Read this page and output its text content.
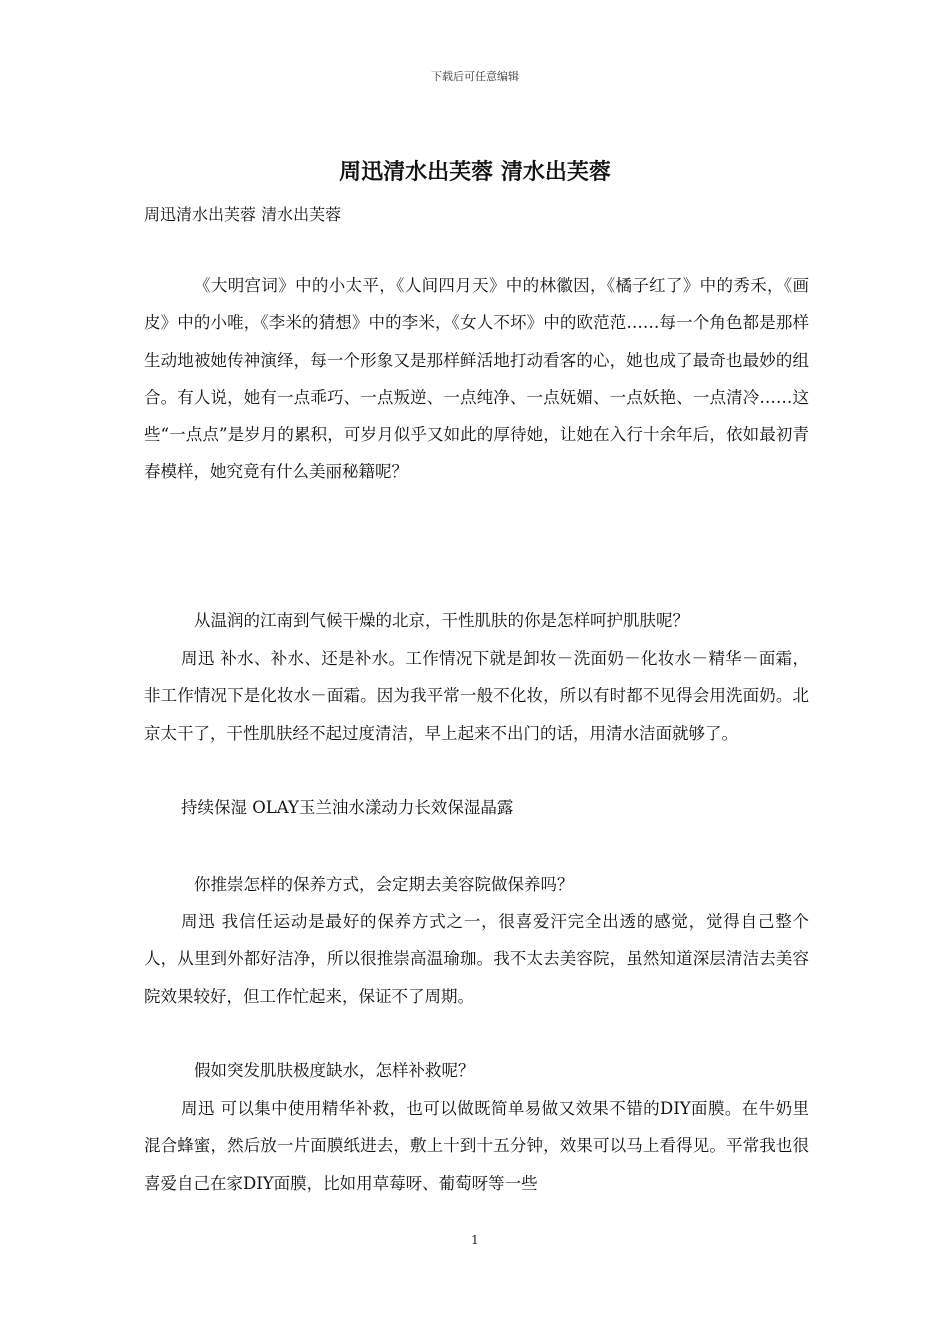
下载后可任意编辑
周迅清水出芙蓉 清水出芙蓉
周迅清水出芙蓉 清水出芙蓉

《大明宫词》中的小太平，《人间四月天》中的林徽因，《橘子红了》中的秀禾，《画皮》中的小唯，《李米的猜想》中的李米，《女人不坏》中的欧范范……每一个角色都是那样生动地被她传神演绎，每一个形象又是那样鲜活地打动看客的心，她也成了最奇也最妙的组合。有人说，她有一点乖巧、一点叛逆、一点纯净、一点妩媚、一点妖艳、一点清冷……这些“一点点”是岁月的累积，可岁月似乎又如此的厚待她，让她在入行十余年后，依如最初青春模样，她究竟有什么美丽秘籍呢？

从温润的江南到气候干燥的北京，干性肌肤的你是怎样呵护肌肤呢？

周迅 补水、补水、还是补水。工作情况下就是卸妆－洗面奶－化妆水－精华－面霜，非工作情况下是化妆水－面霜。因为我平常一般不化妆，所以有时都不见得会用洗面奶。北京太干了，干性肌肤经不起过度清洁，早上起来不出门的话，用清水洁面就够了。

持续保湿 OLAY玉兰油水漾动力长效保湿晶露

你推崇怎样的保养方式，会定期去美容院做保养吗？

周迅 我信任运动是最好的保养方式之一，很喜爱汗完全出透的感觉，觉得自己整个人，从里到外都好洁净，所以很推崇高温瑜珈。我不太去美容院，虽然知道深层清洁去美容院效果较好，但工作忙起来，保证不了周期。

假如突发肌肤极度缺水，怎样补救呢？

周迅 可以集中使用精华补救，也可以做既简单易做又效果不错的DIY面膜。在牛奶里混合蜂蜜，然后放一片面膜纸进去，敷上十到十五分钟，效果可以马上看得见。平常我也很喜爱自己在家DIY面膜，比如用草莓呀、葡萄呀等一些

1
